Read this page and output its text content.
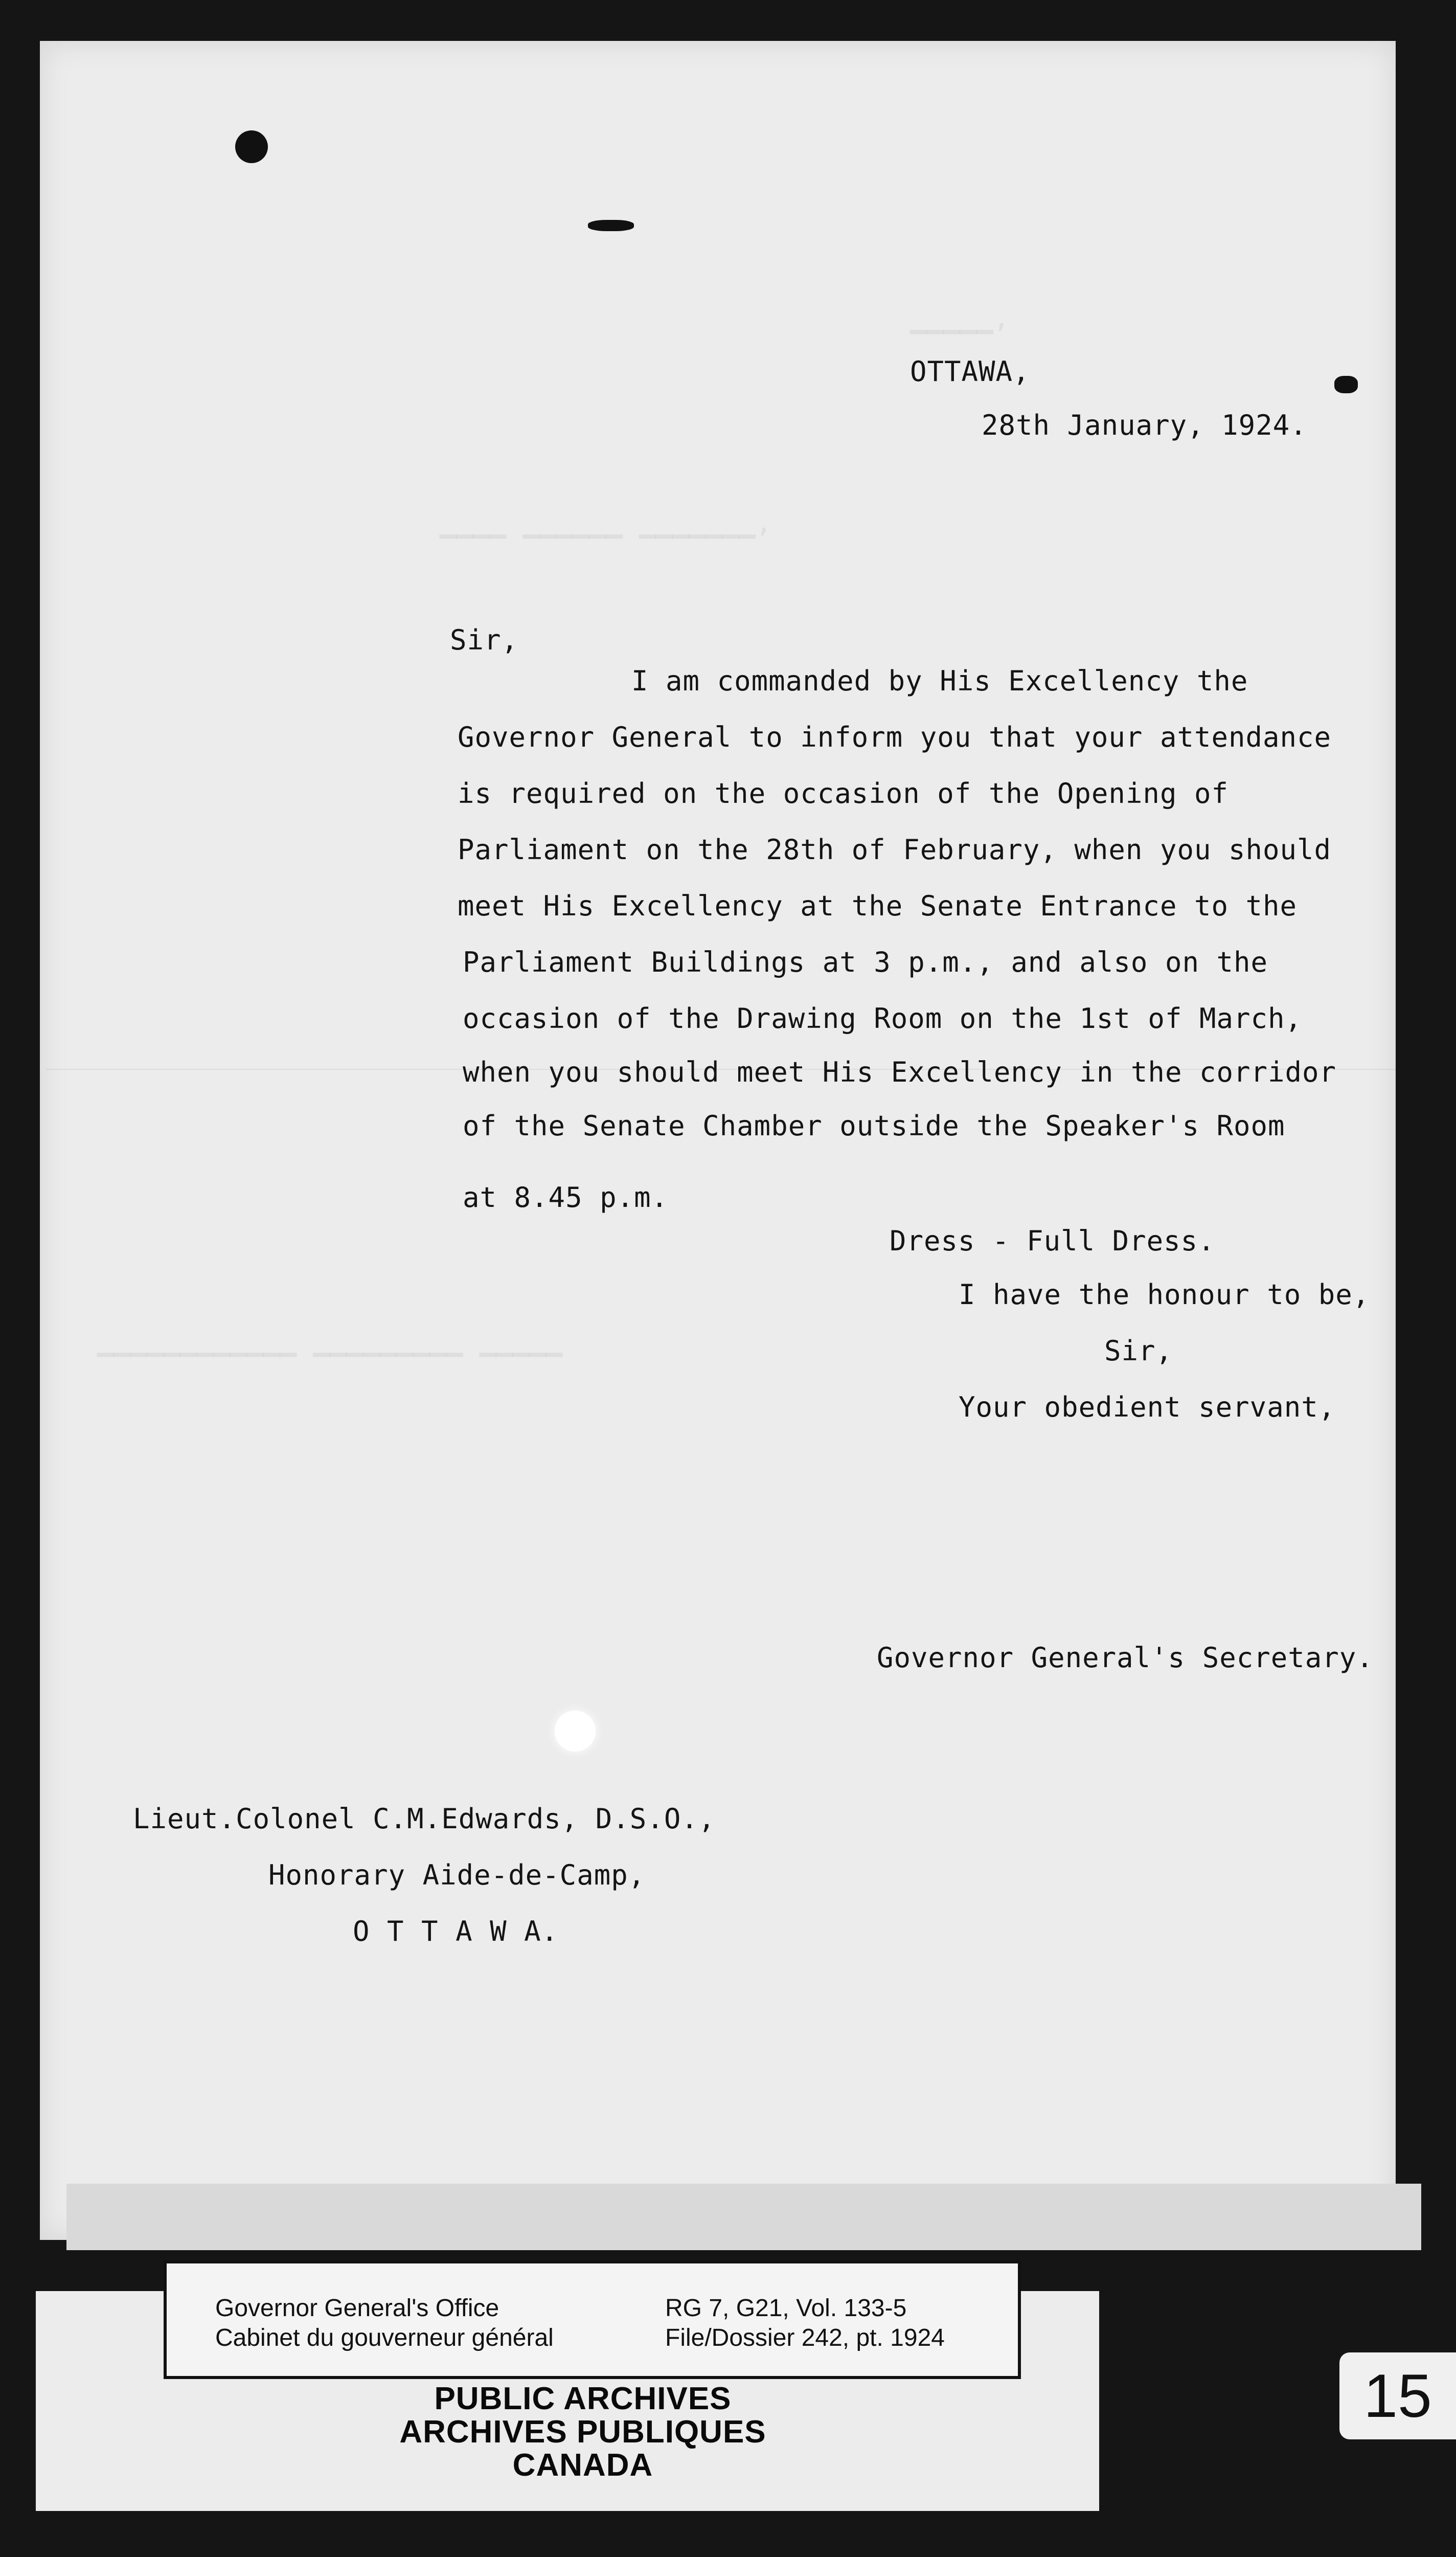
▁▁▁▁▁,
▁▁▁▁ ▁▁▁▁▁▁ ▁▁▁▁▁▁▁,
▁▁▁▁▁▁▁▁▁▁▁▁ ▁▁▁▁▁▁▁▁▁ ▁▁▁▁▁
OTTAWA,
28th January, 1924.
Sir,
I am commanded by His Excellency the
Governor General to inform you that your attendance
is required on the occasion of the Opening of
Parliament on the 28th of February, when you should
meet His Excellency at the Senate Entrance to the
Parliament Buildings at 3 p.m., and also on the
occasion of the Drawing Room on the 1st of March,
when you should meet His Excellency in the corridor
of the Senate Chamber outside the Speaker's Room
at 8.45 p.m.
Dress - Full Dress.
I have the honour to be,
Sir,
Your obedient servant,
Governor General's Secretary.
Lieut.Colonel C.M.Edwards, D.S.O.,
Honorary Aide-de-Camp,
O T T A W A.
Governor General's Office
Cabinet du gouverneur général
RG 7, G21, Vol. 133-5
File/Dossier 242, pt. 1924
PUBLIC ARCHIVES
ARCHIVES PUBLIQUES
CANADA
15
